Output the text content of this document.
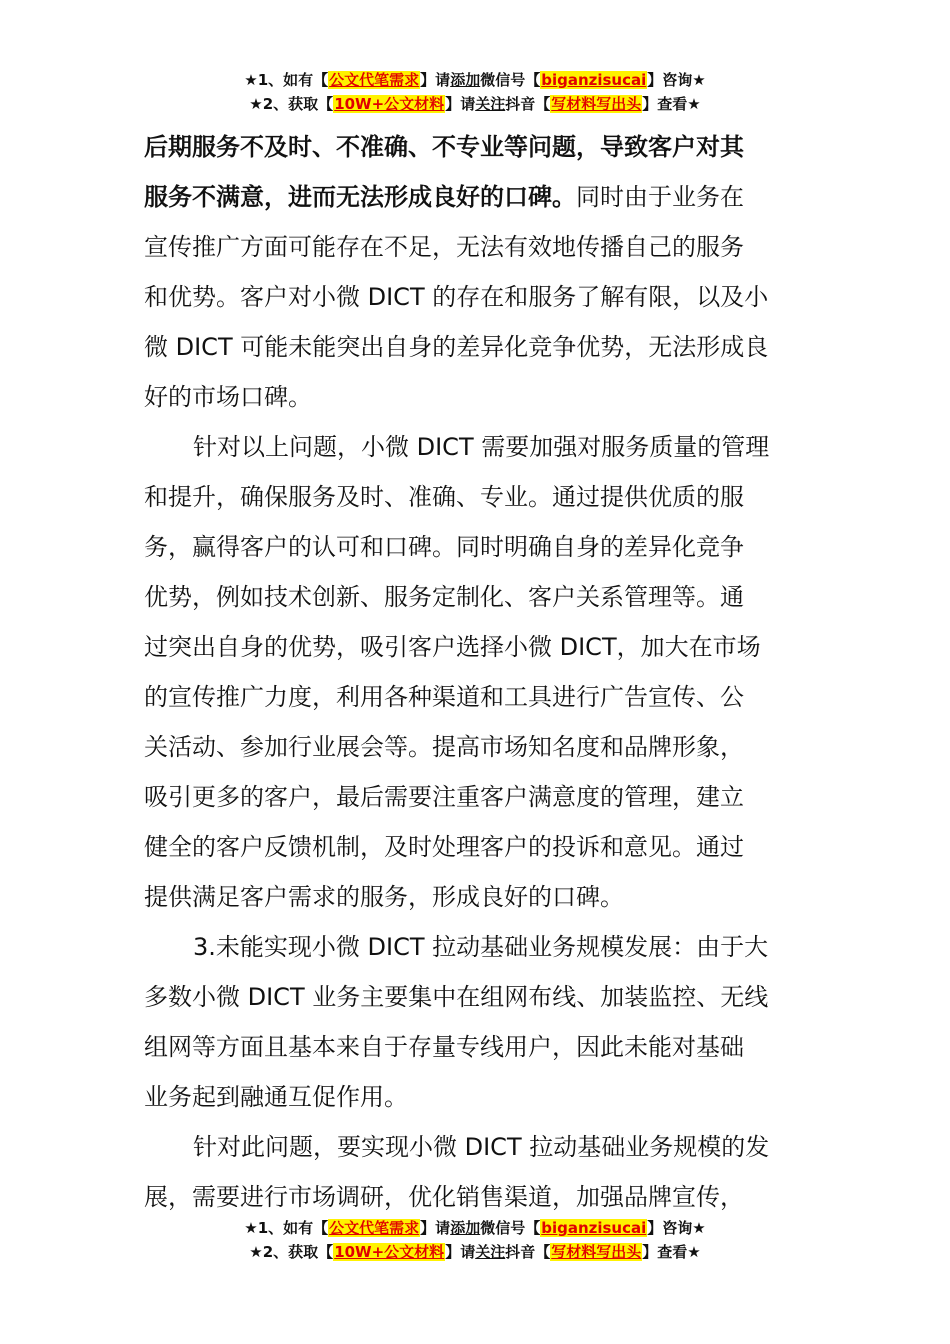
★1、如有【公文代笔需求】请添加微信号【biganzisucai】咨询★
★2、获取【10W+公文材料】请关注抖音【写材料写出头】查看★
后期服务不及时、不准确、不专业等问题，导致客户对其
服务不满意，进而无法形成良好的口碑。同时由于业务在
宣传推广方面可能存在不足，无法有效地传播自己的服务
和优势。客户对小微 DICT 的存在和服务了解有限，以及小
微 DICT 可能未能突出自身的差异化竞争优势，无法形成良
好的市场口碑。
针对以上问题，小微 DICT 需要加强对服务质量的管理
和提升，确保服务及时、准确、专业。通过提供优质的服
务，赢得客户的认可和口碑。同时明确自身的差异化竞争
优势，例如技术创新、服务定制化、客户关系管理等。通
过突出自身的优势，吸引客户选择小微 DICT，加大在市场
的宣传推广力度，利用各种渠道和工具进行广告宣传、公
关活动、参加行业展会等。提高市场知名度和品牌形象，
吸引更多的客户，最后需要注重客户满意度的管理，建立
健全的客户反馈机制，及时处理客户的投诉和意见。通过
提供满足客户需求的服务，形成良好的口碑。
3.未能实现小微 DICT 拉动基础业务规模发展：由于大
多数小微 DICT 业务主要集中在组网布线、加装监控、无线
组网等方面且基本来自于存量专线用户，因此未能对基础
业务起到融通互促作用。
针对此问题，要实现小微 DICT 拉动基础业务规模的发
展，需要进行市场调研，优化销售渠道，加强品牌宣传，
★1、如有【公文代笔需求】请添加微信号【biganzisucai】咨询★
★2、获取【10W+公文材料】请关注抖音【写材料写出头】查看★
